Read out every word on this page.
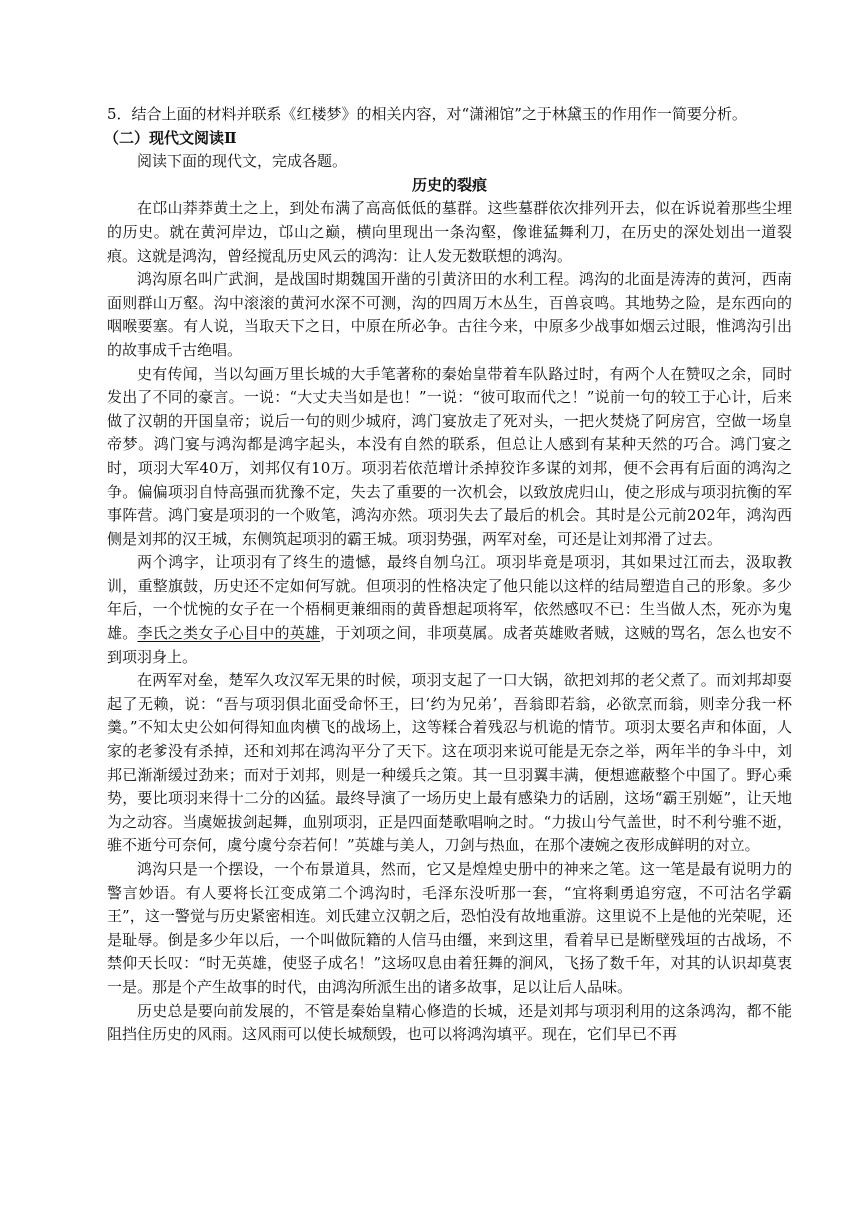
5．结合上面的材料并联系《红楼梦》的相关内容，对“潇湘馆”之于林黛玉的作用作一简要分析。

（二）现代文阅读Ⅱ

阅读下面的现代文，完成各题。

历史的裂痕

在邙山莽莽黄土之上，到处布满了高高低低的墓群。这些墓群依次排列开去，似在诉说着那些尘埋的历史。就在黄河岸边，邙山之巅，横向里现出一条沟壑，像谁猛舞利刀，在历史的深处划出一道裂痕。这就是鸿沟，曾经搅乱历史风云的鸿沟：让人发无数联想的鸿沟。

鸿沟原名叫广武涧，是战国时期魏国开凿的引黄济田的水利工程。鸿沟的北面是涛涛的黄河，西南面则群山万壑。沟中滚滚的黄河水深不可测，沟的四周万木丛生，百兽哀鸣。其地势之险，是东西向的咽喉要塞。有人说，当取天下之日，中原在所必争。古往今来，中原多少战事如烟云过眼，惟鸿沟引出的故事成千古绝唱。

史有传闻，当以勾画万里长城的大手笔著称的秦始皇带着车队路过时，有两个人在赞叹之余，同时发出了不同的豪言。一说：“大丈夫当如是也！”一说：“彼可取而代之！”说前一句的较工于心计，后来做了汉朝的开国皇帝；说后一句的则少城府，鸿门宴放走了死对头，一把火焚烧了阿房宫，空做一场皇帝梦。鸿门宴与鸿沟都是鸿字起头，本没有自然的联系，但总让人感到有某种天然的巧合。鸿门宴之时，项羽大军40万，刘邦仅有10万。项羽若依范增计杀掉狡诈多谋的刘邦，便不会再有后面的鸿沟之争。偏偏项羽自恃高强而犹豫不定，失去了重要的一次机会，以致放虎归山，使之形成与项羽抗衡的军事阵营。鸿门宴是项羽的一个败笔，鸿沟亦然。项羽失去了最后的机会。其时是公元前202年，鸿沟西侧是刘邦的汉王城，东侧筑起项羽的霸王城。项羽势强，两军对垒，可还是让刘邦滑了过去。

两个鸿字，让项羽有了终生的遗憾，最终自刎乌江。项羽毕竟是项羽，其如果过江而去，汲取教训，重整旗鼓，历史还不定如何写就。但项羽的性格决定了他只能以这样的结局塑造自己的形象。多少年后，一个忧惋的女子在一个梧桐更兼细雨的黄昏想起项将军，依然感叹不已：生当做人杰，死亦为鬼雄。李氏之类女子心目中的英雄，于刘项之间，非项莫属。成者英雄败者贼，这贼的骂名，怎么也安不到项羽身上。

在两军对垒，楚军久攻汉军无果的时候，项羽支起了一口大锅，欲把刘邦的老父煮了。而刘邦却耍起了无赖，说：“吾与项羽俱北面受命怀王，曰‘约为兄弟’，吾翁即若翁，必欲烹而翁，则幸分我一杯羹。”不知太史公如何得知血肉横飞的战场上，这等糅合着残忍与机诡的情节。项羽太要名声和体面，人家的老爹没有杀掉，还和刘邦在鸿沟平分了天下。这在项羽来说可能是无奈之举，两年半的争斗中，刘邦已渐渐缓过劲来；而对于刘邦，则是一种缓兵之策。其一旦羽翼丰满，便想遮蔽整个中国了。野心乘势，要比项羽来得十二分的凶猛。最终导演了一场历史上最有感染力的话剧，这场“霸王别姬”，让天地为之动容。当虞姬拔剑起舞，血别项羽，正是四面楚歌唱响之时。“力拔山兮气盖世，时不利兮骓不逝，骓不逝兮可奈何，虞兮虞兮奈若何！”英雄与美人，刀剑与热血，在那个凄婉之夜形成鲜明的对立。

鸿沟只是一个摆设，一个布景道具，然而，它又是煌煌史册中的神来之笔。这一笔是最有说明力的警言妙语。有人要将长江变成第二个鸿沟时，毛泽东没听那一套，“宜将剩勇追穷寇，不可沽名学霸王”，这一警觉与历史紧密相连。刘氏建立汉朝之后，恐怕没有故地重游。这里说不上是他的光荣呢，还是耻辱。倒是多少年以后，一个叫做阮籍的人信马由缰，来到这里，看着早已是断壁残垣的古战场，不禁仰天长叹：“时无英雄，使竖子成名！”这场叹息由着狂舞的涧风，飞扬了数千年，对其的认识却莫衷一是。那是个产生故事的时代，由鸿沟所派生出的诸多故事，足以让后人品味。

历史总是要向前发展的，不管是秦始皇精心修造的长城，还是刘邦与项羽利用的这条鸿沟，都不能阻挡住历史的风雨。这风雨可以使长城颓毁，也可以将鸿沟填平。现在，它们早已不再
